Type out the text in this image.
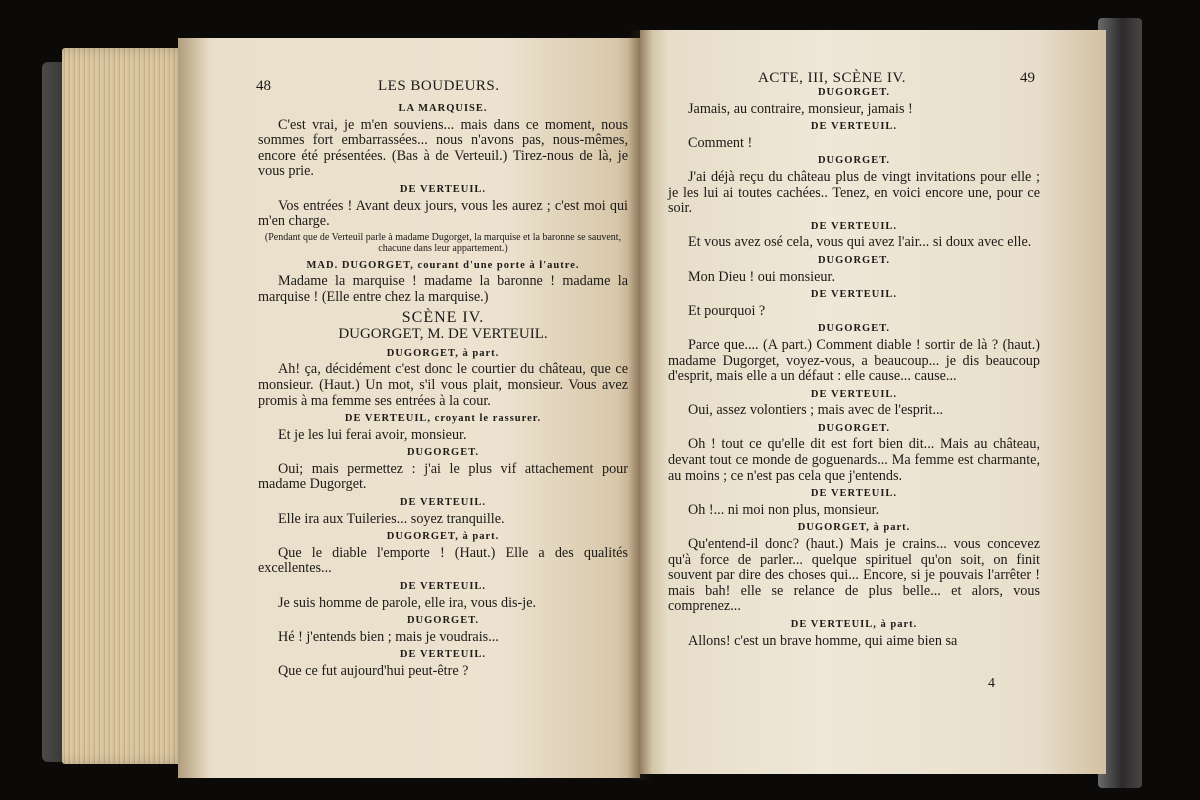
48	LES BOUDEURS.
LA MARQUISE.
C'est vrai, je m'en souviens... mais dans ce moment, nous sommes fort embarrassées... nous n'avons pas, nous-mêmes, encore été présentées. (Bas à de Verteuil.) Tirez-nous de là, je vous prie.
DE VERTEUIL.
Vos entrées ! Avant deux jours, vous les aurez ; c'est moi qui m'en charge.
(Pendant que de Verteuil parle à madame Dugorget, la marquise et la baronne se sauvent, chacune dans leur appartement.)
MAD. DUGORGET, courant d'une porte à l'autre.
Madame la marquise ! madame la baronne ! madame la marquise ! (Elle entre chez la marquise.)
SCÈNE IV.
DUGORGET, M. DE VERTEUIL.
DUGORGET, à part.
Ah! ça, décidément c'est donc le courtier du château, que ce monsieur. (Haut.) Un mot, s'il vous plait, monsieur. Vous avez promis à ma femme ses entrées à la cour.
DE VERTEUIL, croyant le rassurer.
Et je les lui ferai avoir, monsieur.
DUGORGET.
Oui; mais permettez : j'ai le plus vif attachement pour madame Dugorget.
DE VERTEUIL.
Elle ira aux Tuileries... soyez tranquille.
DUGORGET, à part.
Que le diable l'emporte ! (Haut.) Elle a des qualités excellentes...
DE VERTEUIL.
Je suis homme de parole, elle ira, vous dis-je.
DUGORGET.
Hé ! j'entends bien ; mais je voudrais...
DE VERTEUIL.
Que ce fut aujourd'hui peut-être ?
ACTE, III, SCÈNE IV.	49
DUGORGET.
Jamais, au contraire, monsieur, jamais !
DE VERTEUIL.
Comment !
DUGORGET.
J'ai déjà reçu du château plus de vingt invitations pour elle ; je les lui ai toutes cachées.. Tenez, en voici encore une, pour ce soir.
DE VERTEUIL.
Et vous avez osé cela, vous qui avez l'air... si doux avec elle.
DUGORGET.
Mon Dieu ! oui monsieur.
DE VERTEUIL.
Et pourquoi ?
DUGORGET.
Parce que.... (A part.) Comment diable ! sortir de là ? (haut.) madame Dugorget, voyez-vous, a beaucoup... je dis beaucoup d'esprit, mais elle a un défaut : elle cause... cause...
DE VERTEUIL.
Oui, assez volontiers ; mais avec de l'esprit...
DUGORGET.
Oh ! tout ce qu'elle dit est fort bien dit... Mais au château, devant tout ce monde de goguenards... Ma femme est charmante, au moins ; ce n'est pas cela que j'entends.
DE VERTEUIL.
Oh !... ni moi non plus, monsieur.
DUGORGET, à part.
Qu'entend-il donc? (haut.) Mais je crains... vous concevez qu'à force de parler... quelque spirituel qu'on soit, on finit souvent par dire des choses qui... Encore, si je pouvais l'arrêter ! mais bah! elle se relance de plus belle... et alors, vous comprenez...
DE VERTEUIL, à part.
Allons! c'est un brave homme, qui aime bien sa
4
